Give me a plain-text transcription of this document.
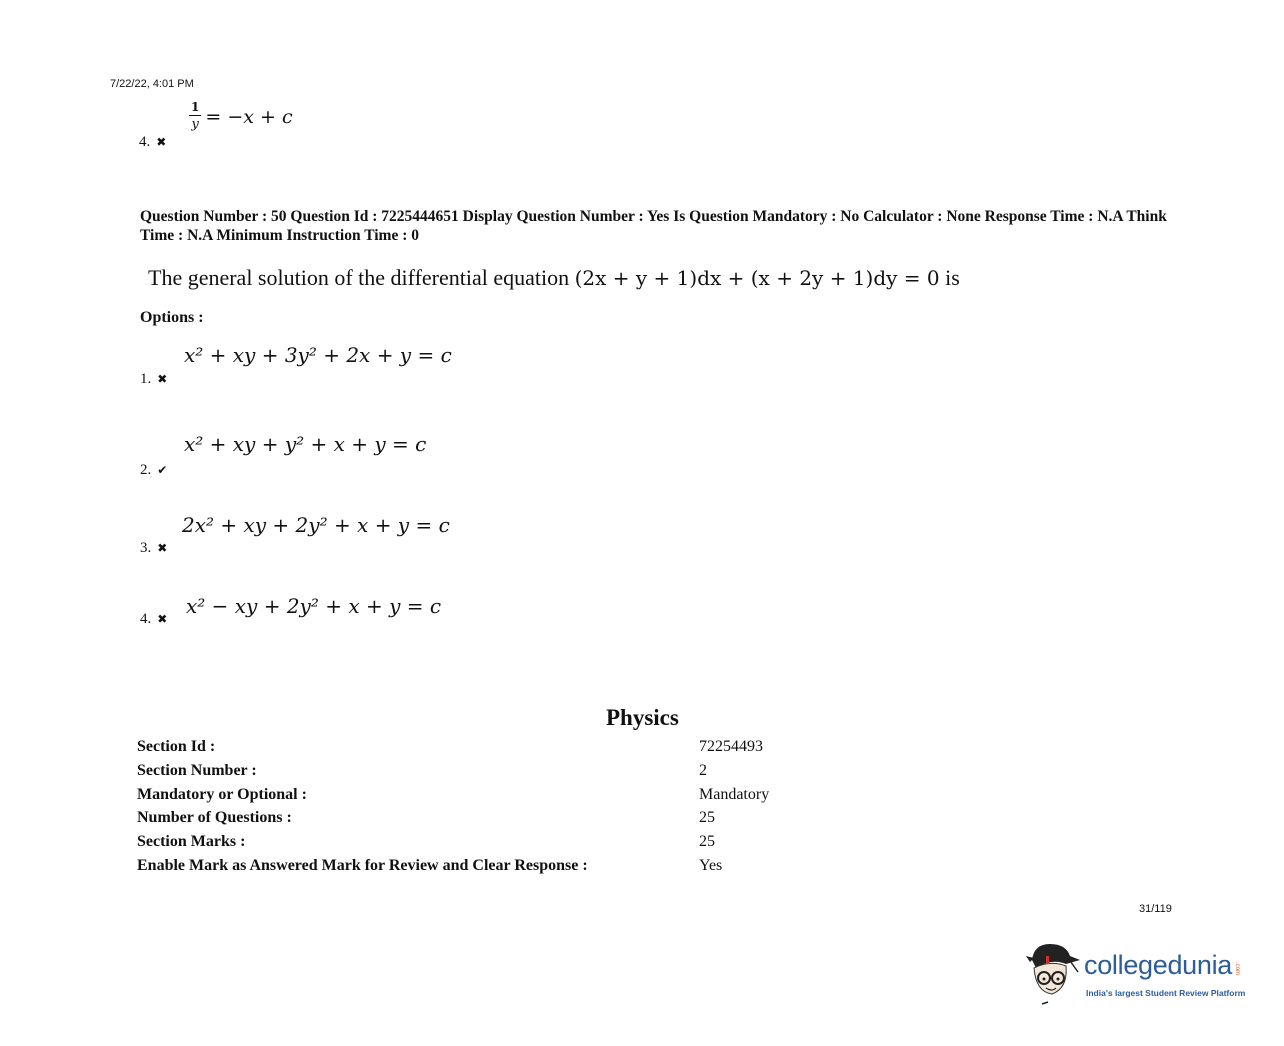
7/22/22, 4:01 PM
4. ✖
$\frac{1}{y} = -x + c$
Question Number : 50 Question Id : 7225444651 Display Question Number : Yes Is Question Mandatory : No Calculator : None Response Time : N.A Think Time : N.A Minimum Instruction Time : 0
The general solution of the differential equation (2x + y + 1)dx + (x + 2y + 1)dy = 0 is
Options :
x² + xy + 3y² + 2x + y = c
1. ✖
x² + xy + y² + x + y = c
2. ✔
2x² + xy + 2y² + x + y = c
3. ✖
x² − xy + 2y² + x + y = c
4. ✖
Physics
Section Id :	72254493
Section Number :	2
Mandatory or Optional :	Mandatory
Number of Questions :	25
Section Marks :	25
Enable Mark as Answered Mark for Review and Clear Response :	Yes
31/119
collegedunia .com
India's largest Student Review Platform
